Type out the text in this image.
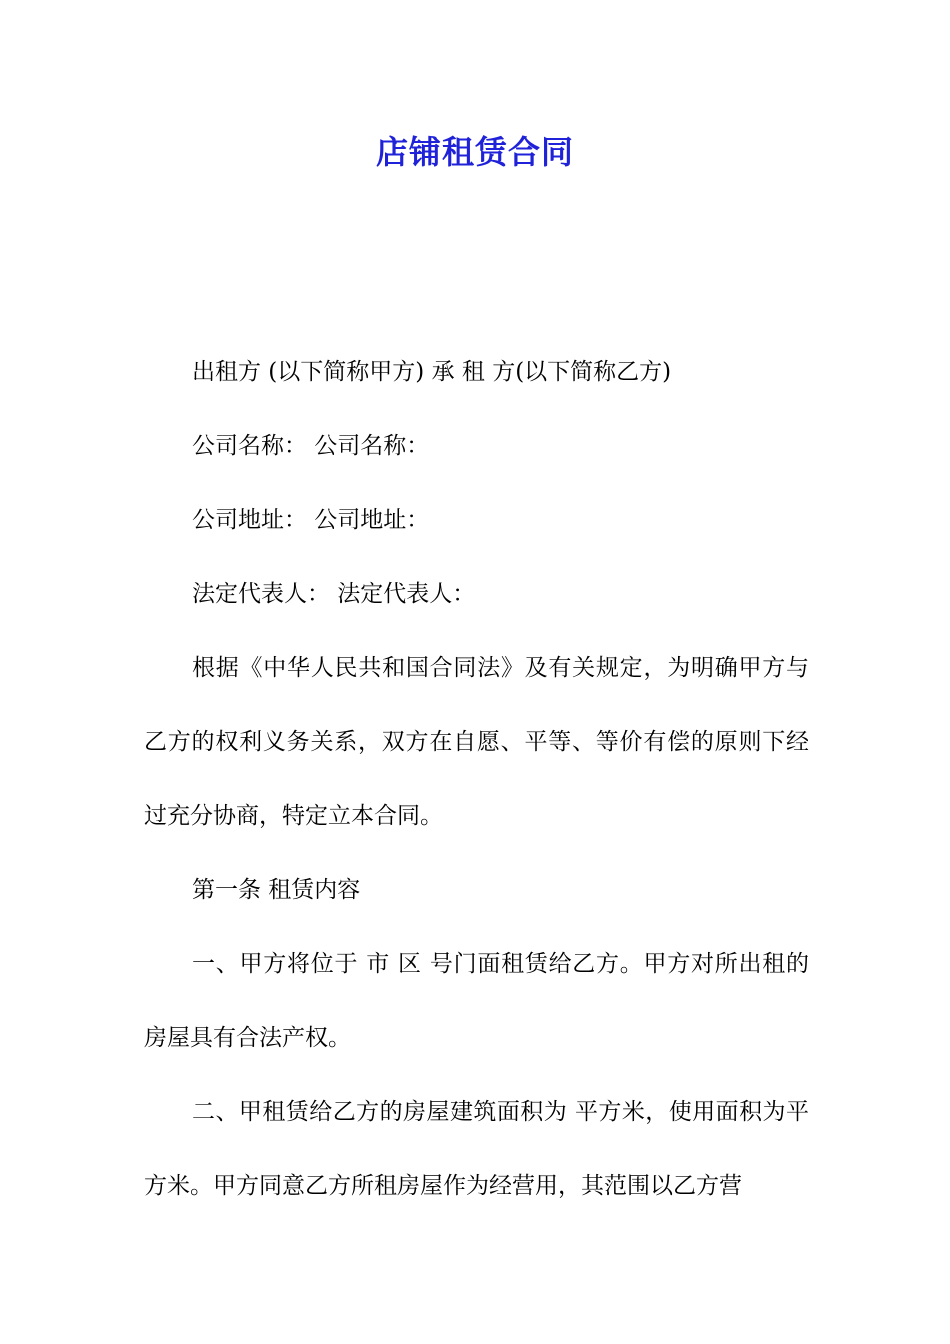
店铺租赁合同

出租方 (以下简称甲方) 承 租 方(以下简称乙方)

公司名称： 公司名称：

公司地址： 公司地址：

法定代表人： 法定代表人：

根据《中华人民共和国合同法》及有关规定，为明确甲方与乙方的权利义务关系，双方在自愿、平等、等价有偿的原则下经过充分协商，特定立本合同。

第一条 租赁内容

一、甲方将位于 市 区 号门面租赁给乙方。甲方对所出租的房屋具有合法产权。

二、甲租赁给乙方的房屋建筑面积为 平方米，使用面积为平方米。甲方同意乙方所租房屋作为经营用，其范围以乙方营
